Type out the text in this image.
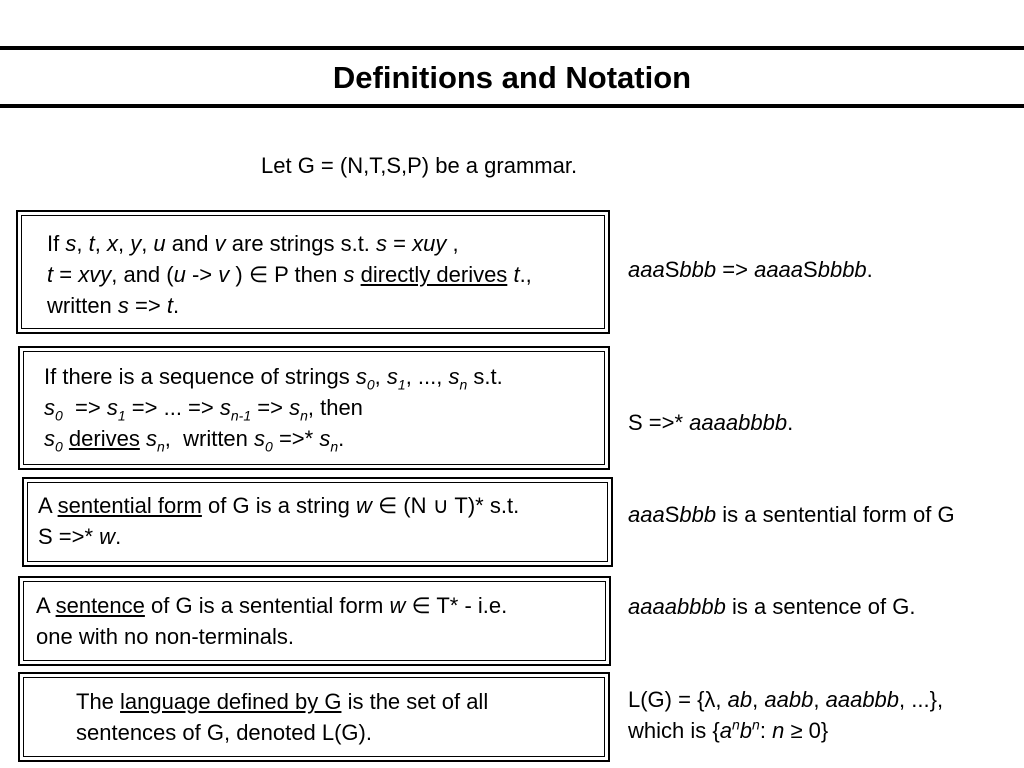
Definitions and Notation
Let G = (N,T,S,P) be a grammar.
If s, t, x, y, u and v are strings s.t. s = xuy ,
t = xvy, and (u -> v ) ∈ P then s directly derives t.,
written s => t.
aaaSbbb => aaaaSbbbb.
If there is a sequence of strings $s_0$, $s_1$, ..., $s_n$ s.t.
$s_0 => s_1$ => ... => $s_{n-1} => s_n$, then
$s_0$ derives $s_n$,  written $s_0$ =>* $s_n$.
S =>* aaaabbbb.
A sentential form of G is a string w ∈ (N ∪ T)* s.t.
S =>* w.
aaaSbbb is a sentential form of G
A sentence of G is a sentential form w ∈ T* - i.e.
one with no non-terminals.
aaaabbbb is a sentence of G.
The language defined by G is the set of all
sentences of G, denoted L(G).
L(G) = {λ, ab, aabb, aaabbb, ...},
which is {$a^nb^n$: n ≥ 0}
